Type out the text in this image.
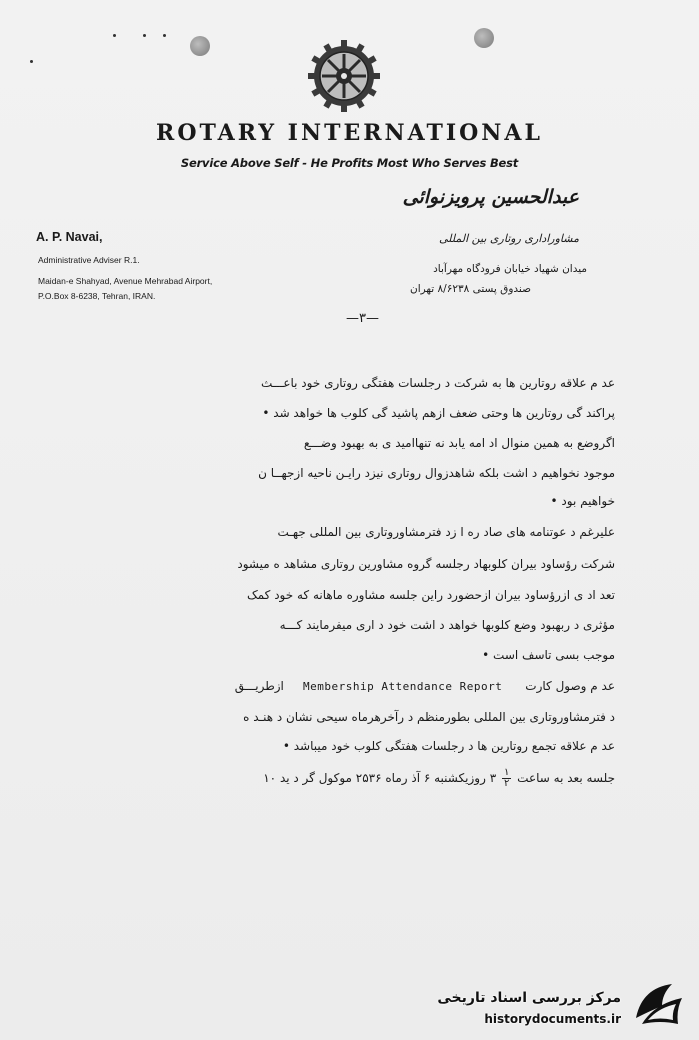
ROTARY INTERNATIONAL
Service Above Self - He Profits Most Who Serves Best
A. P. Navai,
Administrative Adviser R.1.
Maidan-e Shahyad, Avenue Mehrabad Airport,
P.O.Box 8-6238, Tehran, IRAN.
عبدالحسین پرویزنوائی
مشاوراداری روتاری بین المللی
میدان شهیاد خیابان فرودگاه مهرآباد
صندوق پستی ۸/۶۲۳۸ تهران
—۳—
عد م علاقه روتارین ها به شرکت د رجلسات هفتگی روتاری خود باعـــث
پراکند گی روتارین ها وحتی ضعف ازهم پاشید گی کلوب ها خواهد شد •
اگروضع به همین منوال اد امه یابد نه تنهاامید ی به بهبود وضـــع
موجود نخواهیم د اشت بلکه شاهدزوال روتاری نیزد رایـن ناحیه ازجهــا ن
خواهیم بود •
علیرغم د عوتنامه های صاد ره ا زد فترمشاوروتاری بین المللی جهـت
شرکت رو‌ٔساود بیران کلوبهاد رجلسه گروه مشاورین روتاری مشاهد ه میشود
تعد اد ی ازرو‌ٔساود بیران ازحضورد راین جلسه مشاوره ماهانه که خود کمک
مو‌ٔثری د ربهبود وضع کلوبها خواهد د اشت خود د اری میفرمایند کـــه
موجب بسی تاسف است •
عد م وصول کارت      Membership Attendance Report     ازطریـــق
د فترمشاوروتاری بین المللی بطورمنظم د رآخرهرماه سیحی نشان د هنـد ه
عد م علاقه تجمع روتارین ها د رجلسات هفتگی کلوب خود میباشد •
جلسه بعد به ساعت
$\frac{۱}{۲}$
۳ روزیکشنبه ۶ آذ رماه ۲۵۳۶ موکول گر د ید ۱۰
مرکز بررسی اسناد تاریخی
historydocuments.ir
